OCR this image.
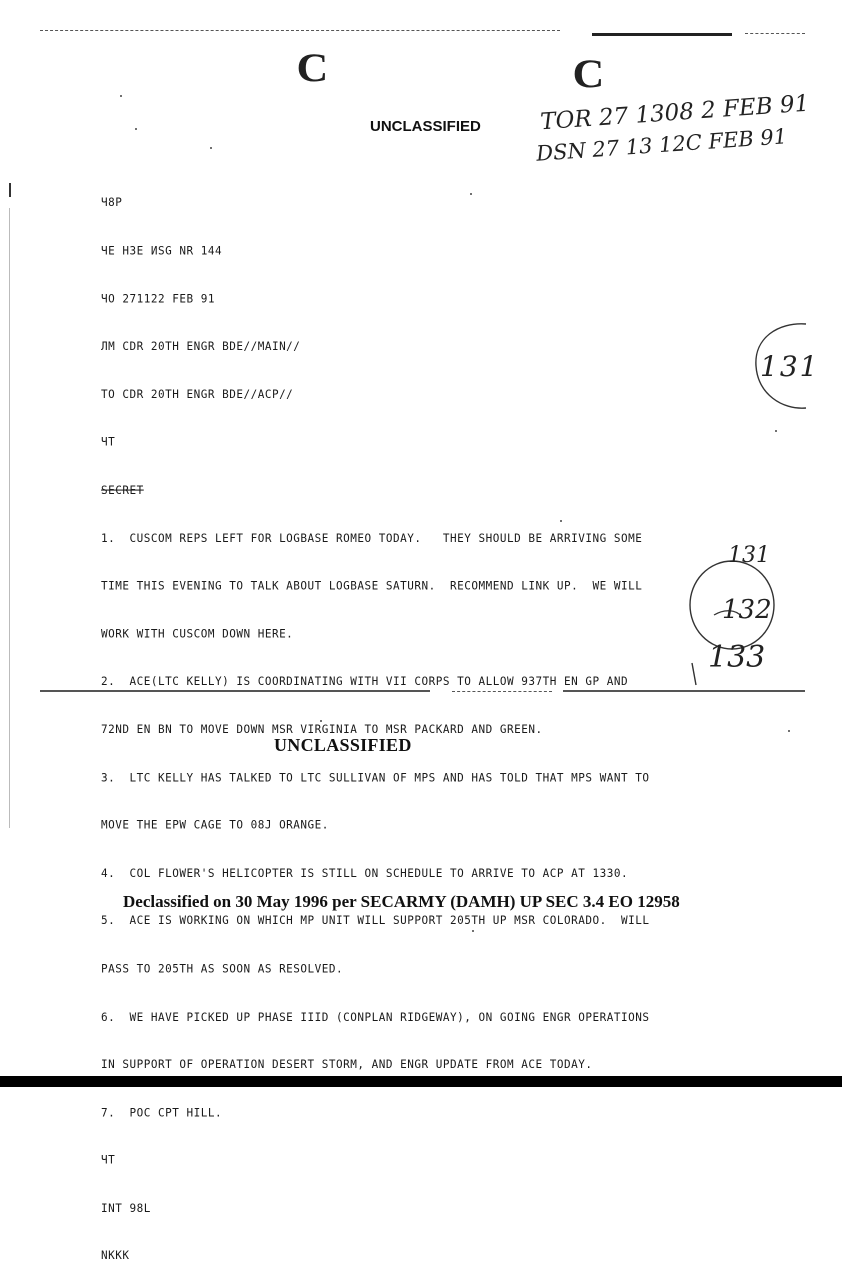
C	C
UNCLASSIFIED	TOR 27 1308 2 FEB 91
DSN 27 13 12C FEB 91

Ч8Р

ЧЕ НЗЕ ИSG NR 144

ЧО 271122 FEB 91

ЛМ CDR 20TH ENGR BDE//MAIN//

TO CDR 20TH ENGR BDE//ACP//

ЧT

SECRET

1.  CUSCOM REPS LEFT FOR LOGBASE ROMEO TODAY.   THEY SHOULD BE ARRIVING SOME

TIME THIS EVENING TO TALK ABOUT LOGBASE SATURN.  RECOMMEND LINK UP.  WE WILL

WORK WITH CUSCOM DOWN HERE.

2.  ACE(LTC KELLY) IS COORDINATING WITH VII CORPS TO ALLOW 937TH EN GP AND

72ND EN BN TO MOVE DOWN MSR VIRGINIA TO MSR PACKARD AND GREEN.

3.  LTC KELLY HAS TALKED TO LTC SULLIVAN OF MPS AND HAS TOLD THAT MPS WANT TO

MOVE THE EPW CAGE TO 08J ORANGE.

4.  COL FLOWER'S HELICOPTER IS STILL ON SCHEDULE TO ARRIVE TO ACP AT 1330.

5.  ACE IS WORKING ON WHICH MP UNIT WILL SUPPORT 205TH UP MSR COLORADO.  WILL

PASS TO 205TH AS SOON AS RESOLVED.

6.  WE HAVE PICKED UP PHASE IIID (CONPLAN RIDGEWAY), ON GOING ENGR OPERATIONS

IN SUPPORT OF OPERATION DESERT STORM, AND ENGR UPDATE FROM ACE TODAY.

7.  POC CPT HILL.

ЧT

INT 98L

NKKK

131
131
132
133
UNCLASSIFIED
Declassified on 30 May 1996 per SECARMY (DAMH) UP SEC 3.4 EO 12958
